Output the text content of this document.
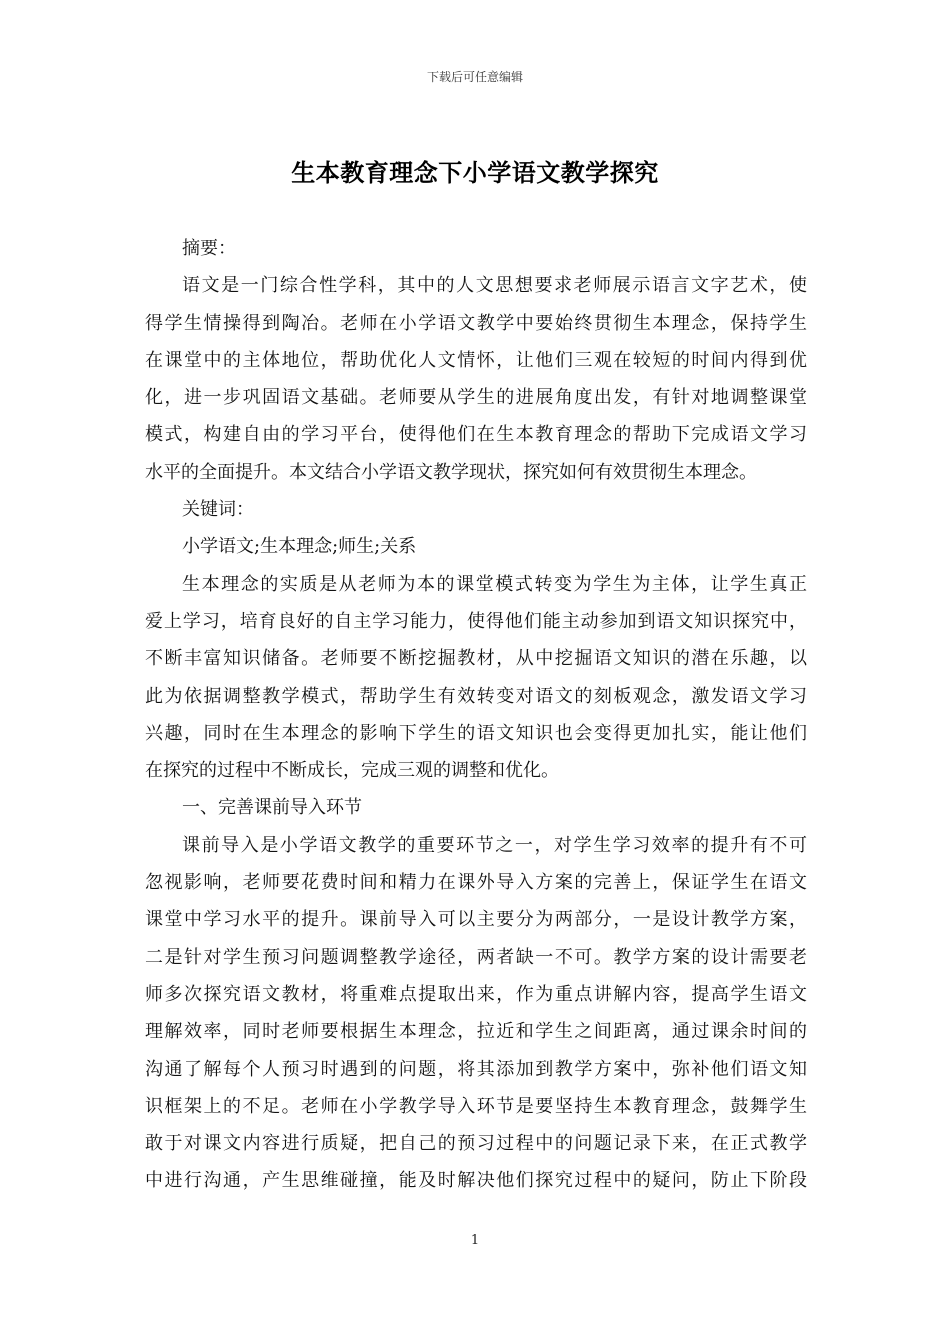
下载后可任意编辑
生本教育理念下小学语文教学探究
摘要：
语文是一门综合性学科，其中的人文思想要求老师展示语言文字艺术，使
得学生情操得到陶冶。老师在小学语文教学中要始终贯彻生本理念，保持学生
在课堂中的主体地位，帮助优化人文情怀，让他们三观在较短的时间内得到优
化，进一步巩固语文基础。老师要从学生的进展角度出发，有针对地调整课堂
模式，构建自由的学习平台，使得他们在生本教育理念的帮助下完成语文学习
水平的全面提升。本文结合小学语文教学现状，探究如何有效贯彻生本理念。
关键词：
小学语文;生本理念;师生;关系
生本理念的实质是从老师为本的课堂模式转变为学生为主体，让学生真正
爱上学习，培育良好的自主学习能力，使得他们能主动参加到语文知识探究中，
不断丰富知识储备。老师要不断挖掘教材，从中挖掘语文知识的潜在乐趣，以
此为依据调整教学模式，帮助学生有效转变对语文的刻板观念，激发语文学习
兴趣，同时在生本理念的影响下学生的语文知识也会变得更加扎实，能让他们
在探究的过程中不断成长，完成三观的调整和优化。
一、完善课前导入环节
课前导入是小学语文教学的重要环节之一，对学生学习效率的提升有不可
忽视影响，老师要花费时间和精力在课外导入方案的完善上，保证学生在语文
课堂中学习水平的提升。课前导入可以主要分为两部分，一是设计教学方案，
二是针对学生预习问题调整教学途径，两者缺一不可。教学方案的设计需要老
师多次探究语文教材，将重难点提取出来，作为重点讲解内容，提高学生语文
理解效率，同时老师要根据生本理念，拉近和学生之间距离，通过课余时间的
沟通了解每个人预习时遇到的问题，将其添加到教学方案中，弥补他们语文知
识框架上的不足。老师在小学教学导入环节是要坚持生本教育理念，鼓舞学生
敢于对课文内容进行质疑，把自己的预习过程中的问题记录下来，在正式教学
中进行沟通，产生思维碰撞，能及时解决他们探究过程中的疑问，防止下阶段
1
